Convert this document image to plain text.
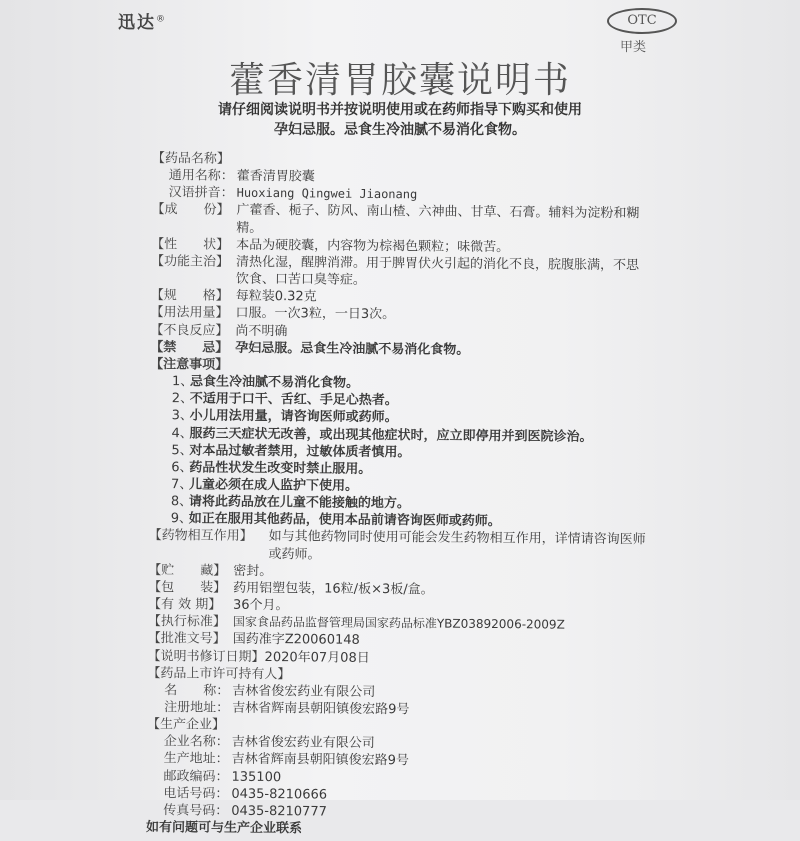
迅达®	OTC
甲类
藿香清胃胶囊说明书
请仔细阅读说明书并按说明使用或在药师指导下购买和使用
孕妇忌服。忌食生冷油腻不易消化食物。
【药品名称】
通用名称： 藿香清胃胶囊
汉语拼音： Huoxiang Qingwei Jiaonang
【成　　份】 广藿香、栀子、防风、南山楂、六神曲、甘草、石膏。辅料为淀粉和糊精。
【性　　状】 本品为硬胶囊，内容物为棕褐色颗粒；味微苦。
【功能主治】 清热化湿，醒脾消滞。用于脾胃伏火引起的消化不良，脘腹胀满，不思饮食、口苦口臭等症。
【规　　格】 每粒装0.32克
【用法用量】 口服。一次3粒，一日3次。
【不良反应】 尚不明确
【禁　　忌】 孕妇忌服。忌食生冷油腻不易消化食物。
【注意事项】
1、忌食生冷油腻不易消化食物。
2、不适用于口干、舌红、手足心热者。
3、小儿用法用量，请咨询医师或药师。
4、服药三天症状无改善，或出现其他症状时，应立即停用并到医院诊治。
5、对本品过敏者禁用，过敏体质者慎用。
6、药品性状发生改变时禁止服用。
7、儿童必须在成人监护下使用。
8、请将此药品放在儿童不能接触的地方。
9、如正在服用其他药品，使用本品前请咨询医师或药师。
【药物相互作用】	如与其他药物同时使用可能会发生药物相互作用，详情请咨询医师或药师。
【贮　　藏】 密封。
【包　　装】 药用铝塑包装，16粒/板×3板/盒。
【有 效 期】 36个月。
【执行标准】 国家食品药品监督管理局国家药品标准YBZ03892006-2009Z
【批准文号】 国药准字Z20060148
【说明书修订日期】 2020年07月08日
【药品上市许可持有人】
名　　称： 吉林省俊宏药业有限公司
注册地址： 吉林省辉南县朝阳镇俊宏路9号
【生产企业】
企业名称： 吉林省俊宏药业有限公司
生产地址： 吉林省辉南县朝阳镇俊宏路9号
邮政编码： 135100
电话号码： 0435-8210666
传真号码： 0435-8210777
如有问题可与生产企业联系
